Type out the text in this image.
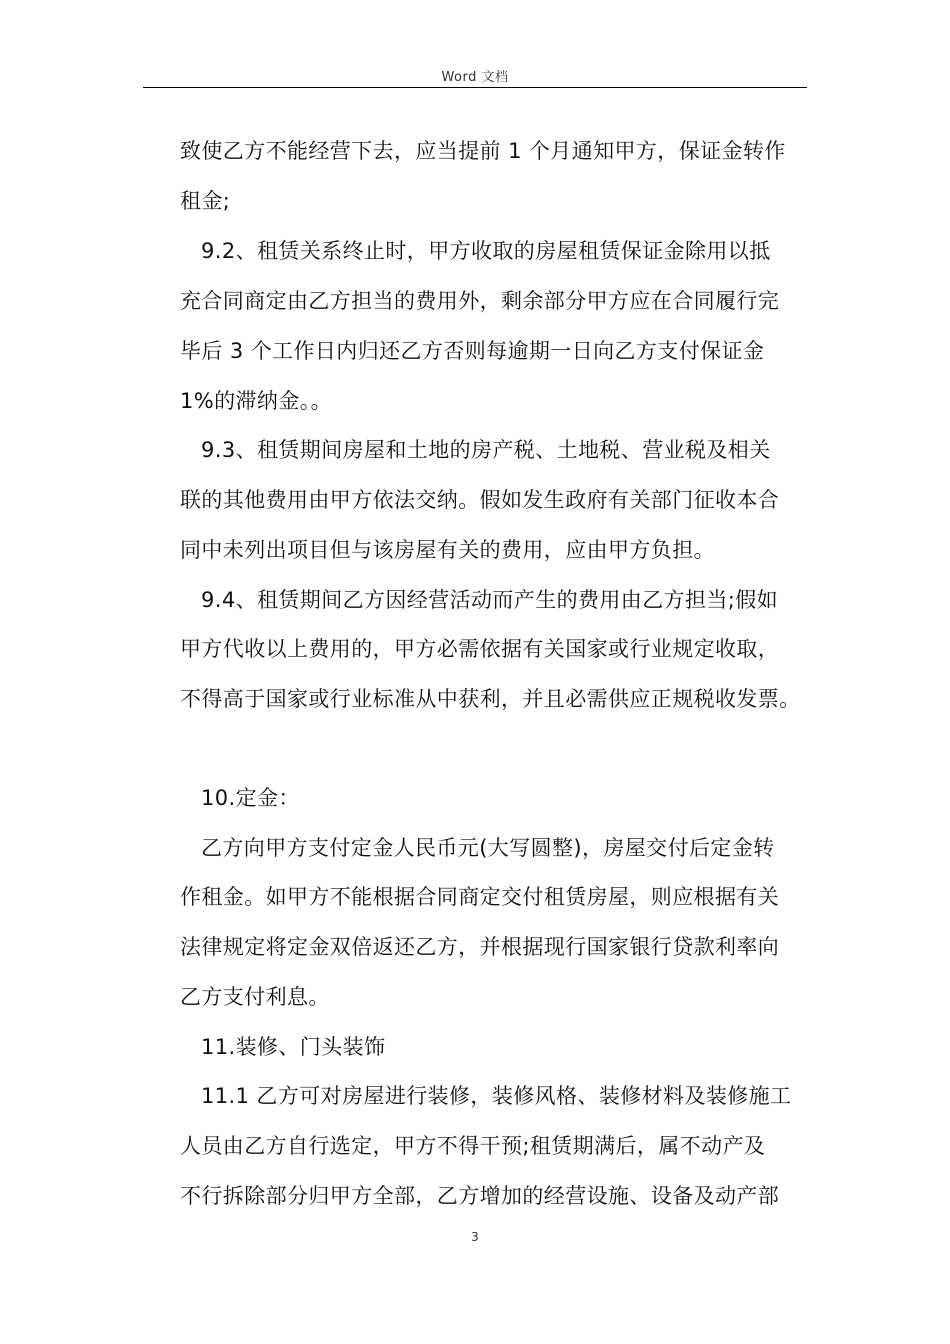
Word 文档
致使乙方不能经营下去，应当提前 1 个月通知甲方，保证金转作
租金;
9.2、租赁关系终止时，甲方收取的房屋租赁保证金除用以抵
充合同商定由乙方担当的费用外，剩余部分甲方应在合同履行完
毕后 3 个工作日内归还乙方否则每逾期一日向乙方支付保证金
1%的滞纳金。。
9.3、租赁期间房屋和土地的房产税、土地税、营业税及相关
联的其他费用由甲方依法交纳。假如发生政府有关部门征收本合
同中未列出项目但与该房屋有关的费用，应由甲方负担。
9.4、租赁期间乙方因经营活动而产生的费用由乙方担当;假如
甲方代收以上费用的，甲方必需依据有关国家或行业规定收取，
不得高于国家或行业标准从中获利，并且必需供应正规税收发票。
10.定金：
乙方向甲方支付定金人民币元(大写圆整)，房屋交付后定金转
作租金。如甲方不能根据合同商定交付租赁房屋，则应根据有关
法律规定将定金双倍返还乙方，并根据现行国家银行贷款利率向
乙方支付利息。
11.装修、门头装饰
11.1 乙方可对房屋进行装修，装修风格、装修材料及装修施工
人员由乙方自行选定，甲方不得干预;租赁期满后，属不动产及
不行拆除部分归甲方全部，乙方增加的经营设施、设备及动产部
3
